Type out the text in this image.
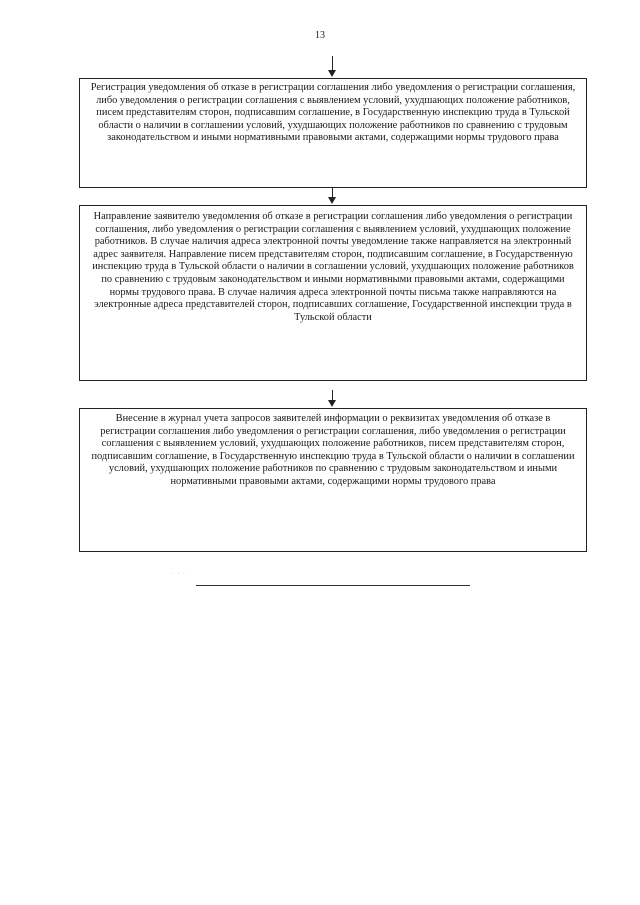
13
Регистрация уведомления об отказе в регистрации соглашения либо уведомления о регистрации соглашения, либо уведомления о регистрации соглашения с выявлением условий, ухудшающих положение работников, писем представителям сторон, подписавшим соглашение, в Государственную инспекцию труда в Тульской области о наличии в соглашении условий, ухудшающих положение работников по сравнению с трудовым законодательством и иными нормативными правовыми актами, содержащими нормы трудового права
Направление заявителю уведомления об отказе в регистрации соглашения либо уведомления о регистрации соглашения, либо уведомления о регистрации соглашения с выявлением условий, ухудшающих положение работников. В случае наличия адреса электронной почты уведомление также направляется на электронный адрес заявителя. Направление писем представителям сторон, подписавшим соглашение, в Государственную инспекцию труда в Тульской области о наличии в соглашении условий, ухудшающих положение работников по сравнению с трудовым законодательством и иными нормативными правовыми актами, содержащими нормы трудового права. В случае наличия адреса электронной почты письма также направляются на электронные адреса представителей сторон, подписавших соглашение, Государственной инспекции труда в Тульской области
Внесение в журнал учета запросов заявителей информации о реквизитах уведомления об отказе в регистрации соглашения либо уведомления о регистрации соглашения, либо уведомления о регистрации соглашения с выявлением условий, ухудшающих положение работников, писем представителям сторон, подписавшим соглашение, в Государственную инспекцию труда в Тульской области о наличии в соглашении условий, ухудшающих положение работников по сравнению с трудовым законодательством и иными нормативными правовыми актами, содержащими нормы трудового права
· · ·
